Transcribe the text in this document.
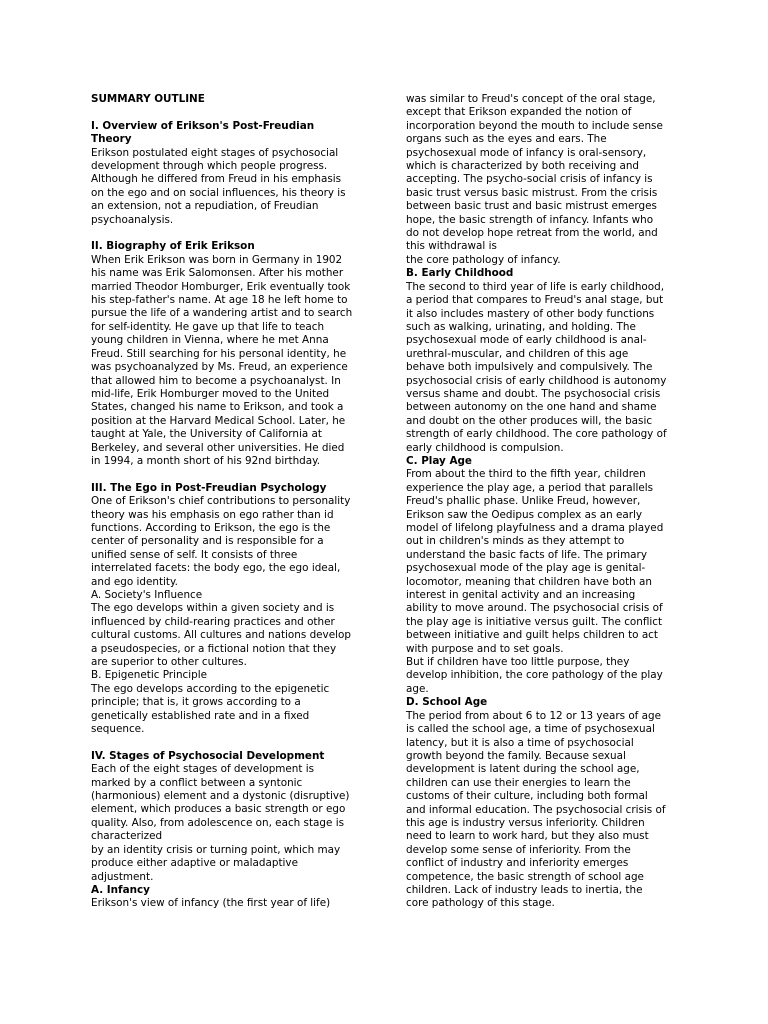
SUMMARY OUTLINE
I. Overview of Erikson's Post-Freudian
Theory
Erikson postulated eight stages of psychosocial
development through which people progress.
Although he differed from Freud in his emphasis
on the ego and on social influences, his theory is
an extension, not a repudiation, of Freudian
psychoanalysis.
II. Biography of Erik Erikson
When Erik Erikson was born in Germany in 1902
his name was Erik Salomonsen. After his mother
married Theodor Homburger, Erik eventually took
his step-father's name. At age 18 he left home to
pursue the life of a wandering artist and to search
for self-identity. He gave up that life to teach
young children in Vienna, where he met Anna
Freud. Still searching for his personal identity, he
was psychoanalyzed by Ms. Freud, an experience
that allowed him to become a psychoanalyst. In
mid-life, Erik Homburger moved to the United
States, changed his name to Erikson, and took a
position at the Harvard Medical School. Later, he
taught at Yale, the University of California at
Berkeley, and several other universities. He died
in 1994, a month short of his 92nd birthday.
III. The Ego in Post-Freudian Psychology
One of Erikson's chief contributions to personality
theory was his emphasis on ego rather than id
functions. According to Erikson, the ego is the
center of personality and is responsible for a
unified sense of self. It consists of three
interrelated facets: the body ego, the ego ideal,
and ego identity.
A. Society's Influence
The ego develops within a given society and is
influenced by child-rearing practices and other
cultural customs. All cultures and nations develop
a pseudospecies, or a fictional notion that they
are superior to other cultures.
B. Epigenetic Principle
The ego develops according to the epigenetic
principle; that is, it grows according to a
genetically established rate and in a fixed
sequence.
IV. Stages of Psychosocial Development
Each of the eight stages of development is
marked by a conflict between a syntonic
(harmonious) element and a dystonic (disruptive)
element, which produces a basic strength or ego
quality. Also, from adolescence on, each stage is
characterized
by an identity crisis or turning point, which may
produce either adaptive or maladaptive
adjustment.
A. Infancy
Erikson's view of infancy (the first year of life)
was similar to Freud's concept of the oral stage,
except that Erikson expanded the notion of
incorporation beyond the mouth to include sense
organs such as the eyes and ears. The
psychosexual mode of infancy is oral-sensory,
which is characterized by both receiving and
accepting. The psycho-social crisis of infancy is
basic trust versus basic mistrust. From the crisis
between basic trust and basic mistrust emerges
hope, the basic strength of infancy. Infants who
do not develop hope retreat from the world, and
this withdrawal is
the core pathology of infancy.
B. Early Childhood
The second to third year of life is early childhood,
a period that compares to Freud's anal stage, but
it also includes mastery of other body functions
such as walking, urinating, and holding. The
psychosexual mode of early childhood is anal-
urethral-muscular, and children of this age
behave both impulsively and compulsively. The
psychosocial crisis of early childhood is autonomy
versus shame and doubt. The psychosocial crisis
between autonomy on the one hand and shame
and doubt on the other produces will, the basic
strength of early childhood. The core pathology of
early childhood is compulsion.
C. Play Age
From about the third to the fifth year, children
experience the play age, a period that parallels
Freud's phallic phase. Unlike Freud, however,
Erikson saw the Oedipus complex as an early
model of lifelong playfulness and a drama played
out in children's minds as they attempt to
understand the basic facts of life. The primary
psychosexual mode of the play age is genital-
locomotor, meaning that children have both an
interest in genital activity and an increasing
ability to move around. The psychosocial crisis of
the play age is initiative versus guilt. The conflict
between initiative and guilt helps children to act
with purpose and to set goals.
But if children have too little purpose, they
develop inhibition, the core pathology of the play
age.
D. School Age
The period from about 6 to 12 or 13 years of age
is called the school age, a time of psychosexual
latency, but it is also a time of psychosocial
growth beyond the family. Because sexual
development is latent during the school age,
children can use their energies to learn the
customs of their culture, including both formal
and informal education. The psychosocial crisis of
this age is industry versus inferiority. Children
need to learn to work hard, but they also must
develop some sense of inferiority. From the
conflict of industry and inferiority emerges
competence, the basic strength of school age
children. Lack of industry leads to inertia, the
core pathology of this stage.
